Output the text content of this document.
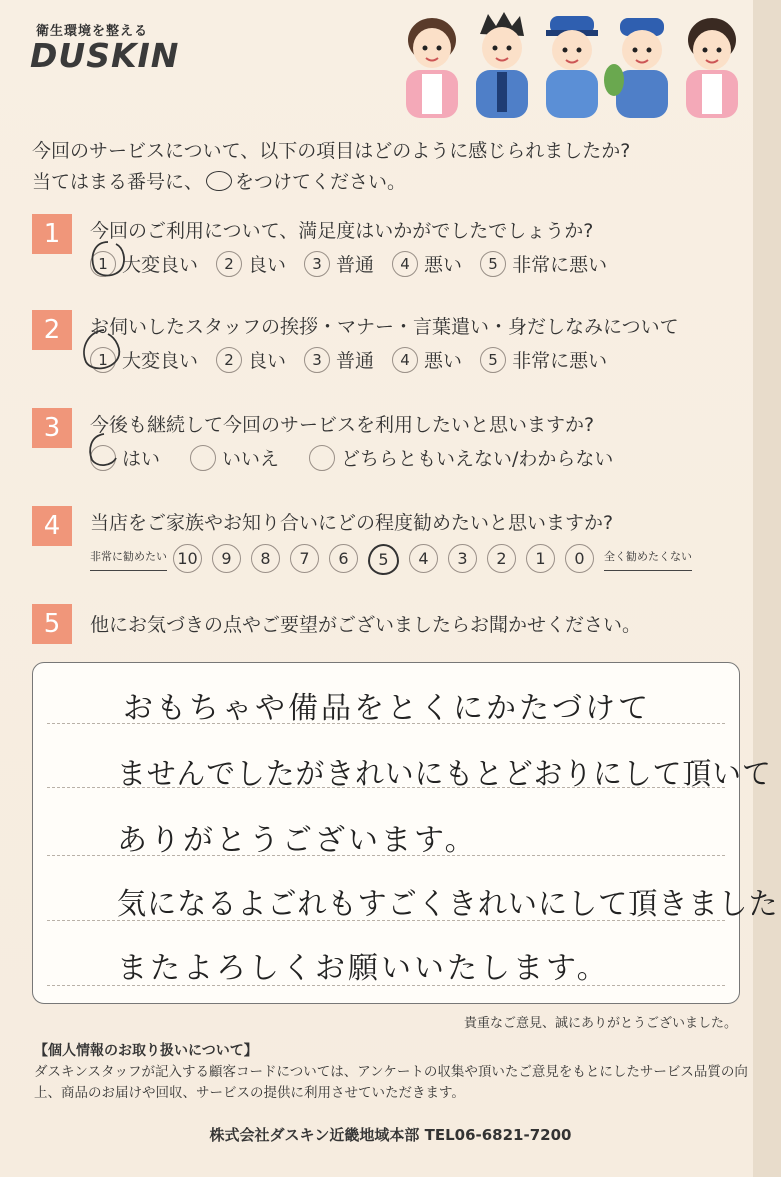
衛生環境を整える
DUSKIN
今回のサービスについて、以下の項目はどのように感じられましたか?
当てはまる番号に、 ○ をつけてください。
1	今回のご利用について、満足度はいかがでしたでしょうか?
1 大変良い	2 良い	3 普通	4 悪い	5 非常に悪い
2	お伺いしたスタッフの挨拶・マナー・言葉遣い・身だしなみについて
1 大変良い	2 良い	3 普通	4 悪い	5 非常に悪い
3	今後も継続して今回のサービスを利用したいと思いますか?
はい	いいえ	どちらともいえない/わからない
4	当店をご家族やお知り合いにどの程度勧めたいと思いますか?
非常に勧めたい 10	9	8	7	6	5	4	3	2	1	0	全く勧めたくない
5	他にお気づきの点やご要望がございましたらお聞かせください。
おもちゃや備品をとくにかたづけて
ませんでしたがきれいにもとどおりにして頂いて
ありがとうございます。
気になるよごれもすごくきれいにして頂きました
またよろしくお願いいたします。
貴重なご意見、誠にありがとうございました。
【個人情報のお取り扱いについて】
ダスキンスタッフが記入する顧客コードについては、アンケートの収集や頂いたご意見をもとにしたサービス品質の向上、商品のお届けや回収、サービスの提供に利用させていただきます。
株式会社ダスキン近畿地域本部 TEL06-6821-7200
